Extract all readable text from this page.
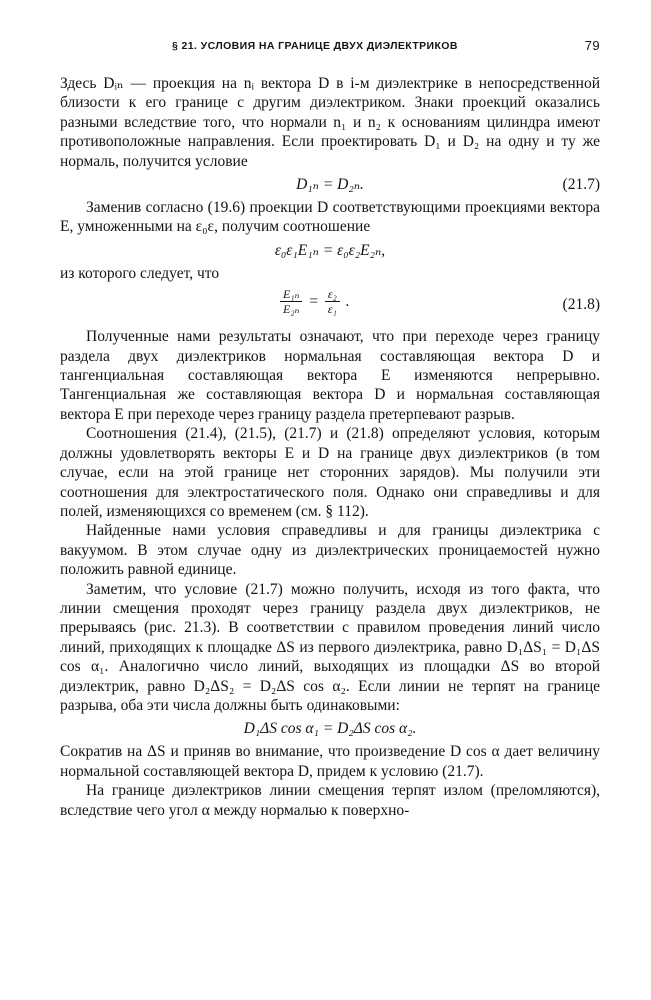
§ 21. УСЛОВИЯ НА ГРАНИЦЕ ДВУХ ДИЭЛЕКТРИКОВ	79

Здесь Dᵢₙ — проекция на nᵢ вектора D в i-м диэлектрике в непосредственной близости к его границе с другим диэлектриком. Знаки проекций оказались разными вследствие того, что нормали n₁ и n₂ к основаниям цилиндра имеют противоположные направления. Если проектировать D₁ и D₂ на одну и ту же нормаль, получится условие

D₁ₙ = D₂ₙ.	(21.7)

Заменив согласно (19.6) проекции D соответствующими проекциями вектора E, умноженными на ε₀ε, получим соотношение

ε₀ε₁E₁ₙ = ε₀ε₂E₂ₙ,

из которого следует, что

$\frac{\text{E₁ₙ}}{\text{E₂ₙ}} = \frac{\text{ε₂}}{\text{ε₁}}$ .	(21.8)

Полученные нами результаты означают, что при переходе через границу раздела двух диэлектриков нормальная составляющая вектора D и тангенциальная составляющая вектора E изменяются непрерывно. Тангенциальная же составляющая вектора D и нормальная составляющая вектора E при переходе через границу раздела претерпевают разрыв.

Соотношения (21.4), (21.5), (21.7) и (21.8) определяют условия, которым должны удовлетворять векторы E и D на границе двух диэлектриков (в том случае, если на этой границе нет сторонних зарядов). Мы получили эти соотношения для электростатического поля. Однако они справедливы и для полей, изменяющихся со временем (см. § 112).

Найденные нами условия справедливы и для границы диэлектрика с вакуумом. В этом случае одну из диэлектрических проницаемостей нужно положить равной единице.

Заметим, что условие (21.7) можно получить, исходя из того факта, что линии смещения проходят через границу раздела двух диэлектриков, не прерываясь (рис. 21.3). В соответствии с правилом проведения линий число линий, приходящих к площадке ΔS из первого диэлектрика, равно D₁ΔS₁ = D₁ΔS cos α₁. Аналогично число линий, выходящих из площадки ΔS во второй диэлектрик, равно D₂ΔS₂ = D₂ΔS cos α₂. Если линии не терпят на границе разрыва, оба эти числа должны быть одинаковыми:

D₁ΔS cos α₁ = D₂ΔS cos α₂.

Сократив на ΔS и приняв во внимание, что произведение D cos α дает величину нормальной составляющей вектора D, придем к условию (21.7).

На границе диэлектриков линии смещения терпят излом (преломляются), вследствие чего угол α между нормалью к поверхно-
